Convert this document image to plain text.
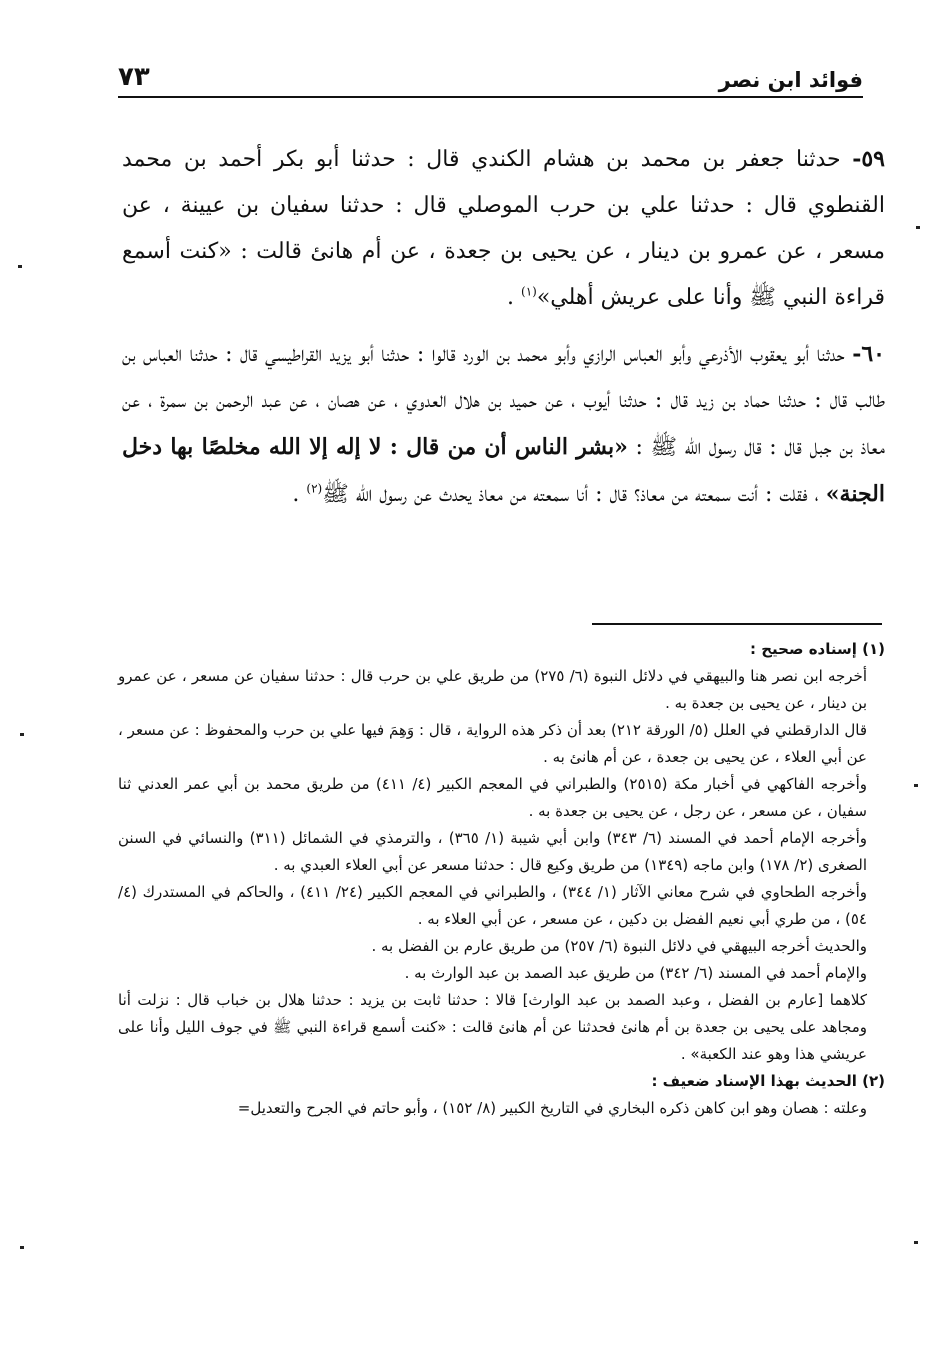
فوائد ابن نصر
٧٣

٥٩- حدثنا جعفر بن محمد بن هشام الكندي قال : حدثنا أبو بكر أحمد بن محمد القنطوي قال : حدثنا علي بن حرب الموصلي قال : حدثنا سفيان بن عيينة ، عن مسعر ، عن عمرو بن دينار ، عن يحيى بن جعدة ، عن أم هانئ قالت : «كنت أسمع قراءة النبي ﷺ وأنا على عريش أهلي»$^{(١)}$ .

٦٠- حدثنا أبو يعقوب الأذرعي وأبو العباس الرازي وأبو محمد بن الورد قالوا : حدثنا أبو يزيد القراطيسي قال : حدثنا العباس بن طالب قال : حدثنا حماد بن زيد قال : حدثنا أيوب ، عن حميد بن هلال العدوي ، عن هصان ، عن عبد الرحمن بن سمرة ، عن معاذ بن جبل قال : قال رسول الله ﷺ : «بشر الناس أن من قال : لا إله إلا الله مخلصًا بها دخل الجنة» ، فقلت : أنت سمعته من معاذ؟ قال : أنا سمعته من معاذ يحدث عن رسول الله ﷺ$^{(٢)}$ .

(١) إسناده صحيح :

أخرجه ابن نصر هنا والبيهقي في دلائل النبوة (٦/ ٢٧٥) من طريق علي بن حرب قال : حدثنا سفيان عن مسعر ، عن عمرو بن دينار ، عن يحيى بن جعدة به .

قال الدارقطني في العلل (٥/ الورقة ٢١٢) بعد أن ذكر هذه الرواية ، قال : وَهِمَ فيها علي بن حرب والمحفوظ : عن مسعر ، عن أبي العلاء ، عن يحيى بن جعدة ، عن أم هانئ به .

وأخرجه الفاكهي في أخبار مكة (٢٥١٥) والطبراني في المعجم الكبير (٤/ ٤١١) من طريق محمد بن أبي عمر العدني ثنا سفيان ، عن مسعر ، عن رجل ، عن يحيى بن جعدة به .

وأخرجه الإمام أحمد في المسند (٦/ ٣٤٣) وابن أبي شيبة (١/ ٣٦٥) ، والترمذي في الشمائل (٣١١) والنسائي في السنن الصغرى (٢/ ١٧٨) وابن ماجه (١٣٤٩) من طريق وكيع قال : حدثنا مسعر عن أبي العلاء العبدي به .

وأخرجه الطحاوي في شرح معاني الآثار (١/ ٣٤٤) ، والطبراني في المعجم الكبير (٢٤/ ٤١١) ، والحاكم في المستدرك (٤/ ٥٤) ، من طري أبي نعيم الفضل بن دكين ، عن مسعر ، عن أبي العلاء به .

والحديث أخرجه البيهقي في دلائل النبوة (٦/ ٢٥٧) من طريق عارم بن الفضل به .

والإمام أحمد في المسند (٦/ ٣٤٢) من طريق عبد الصمد بن عبد الوارث به .

كلاهما [عارم بن الفضل ، وعبد الصمد بن عبد الوارث] قالا : حدثنا ثابت بن يزيد : حدثنا هلال بن خباب قال : نزلت أنا ومجاهد على يحيى بن جعدة بن أم هانئ فحدثنا عن أم هانئ قالت : «كنت أسمع قراءة النبي ﷺ في جوف الليل وأنا على عريشي هذا وهو عند الكعبة» .

(٢) الحديث بهذا الإسناد ضعيف :

وعلته : هصان وهو ابن كاهن ذكره البخاري في التاريخ الكبير (٨/ ١٥٢) ، وأبو حاتم في الجرح والتعديل=
